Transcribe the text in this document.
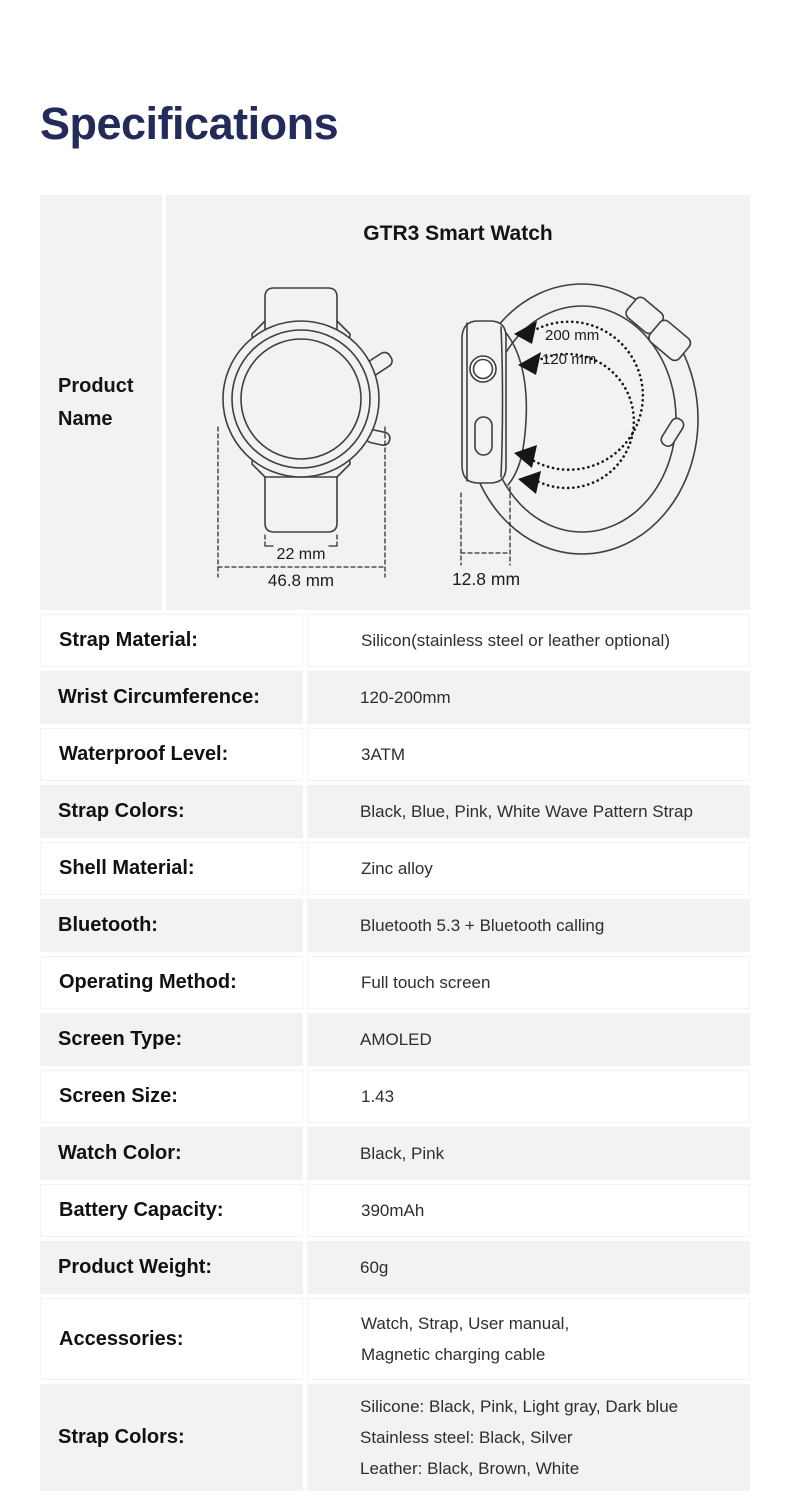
Specifications
Product Name
GTR3 Smart Watch
22 mm
46.8 mm
200 mm
120 mm
12.8 mm
Strap Material:	Silicon(stainless steel or leather optional)
Wrist Circumference:	120-200mm
Waterproof Level:	3ATM
Strap Colors:	Black, Blue, Pink, White Wave Pattern Strap
Shell Material:	Zinc alloy
Bluetooth:	Bluetooth 5.3 + Bluetooth calling
Operating Method:	Full touch screen
Screen Type:	AMOLED
Screen Size:	1.43
Watch Color:	Black, Pink
Battery Capacity:	390mAh
Product Weight:	60g
Accessories:
Watch, Strap, User manual,
Magnetic charging cable
Strap Colors:
Silicone: Black, Pink, Light gray, Dark blue
Stainless steel: Black, Silver
Leather: Black, Brown, White
